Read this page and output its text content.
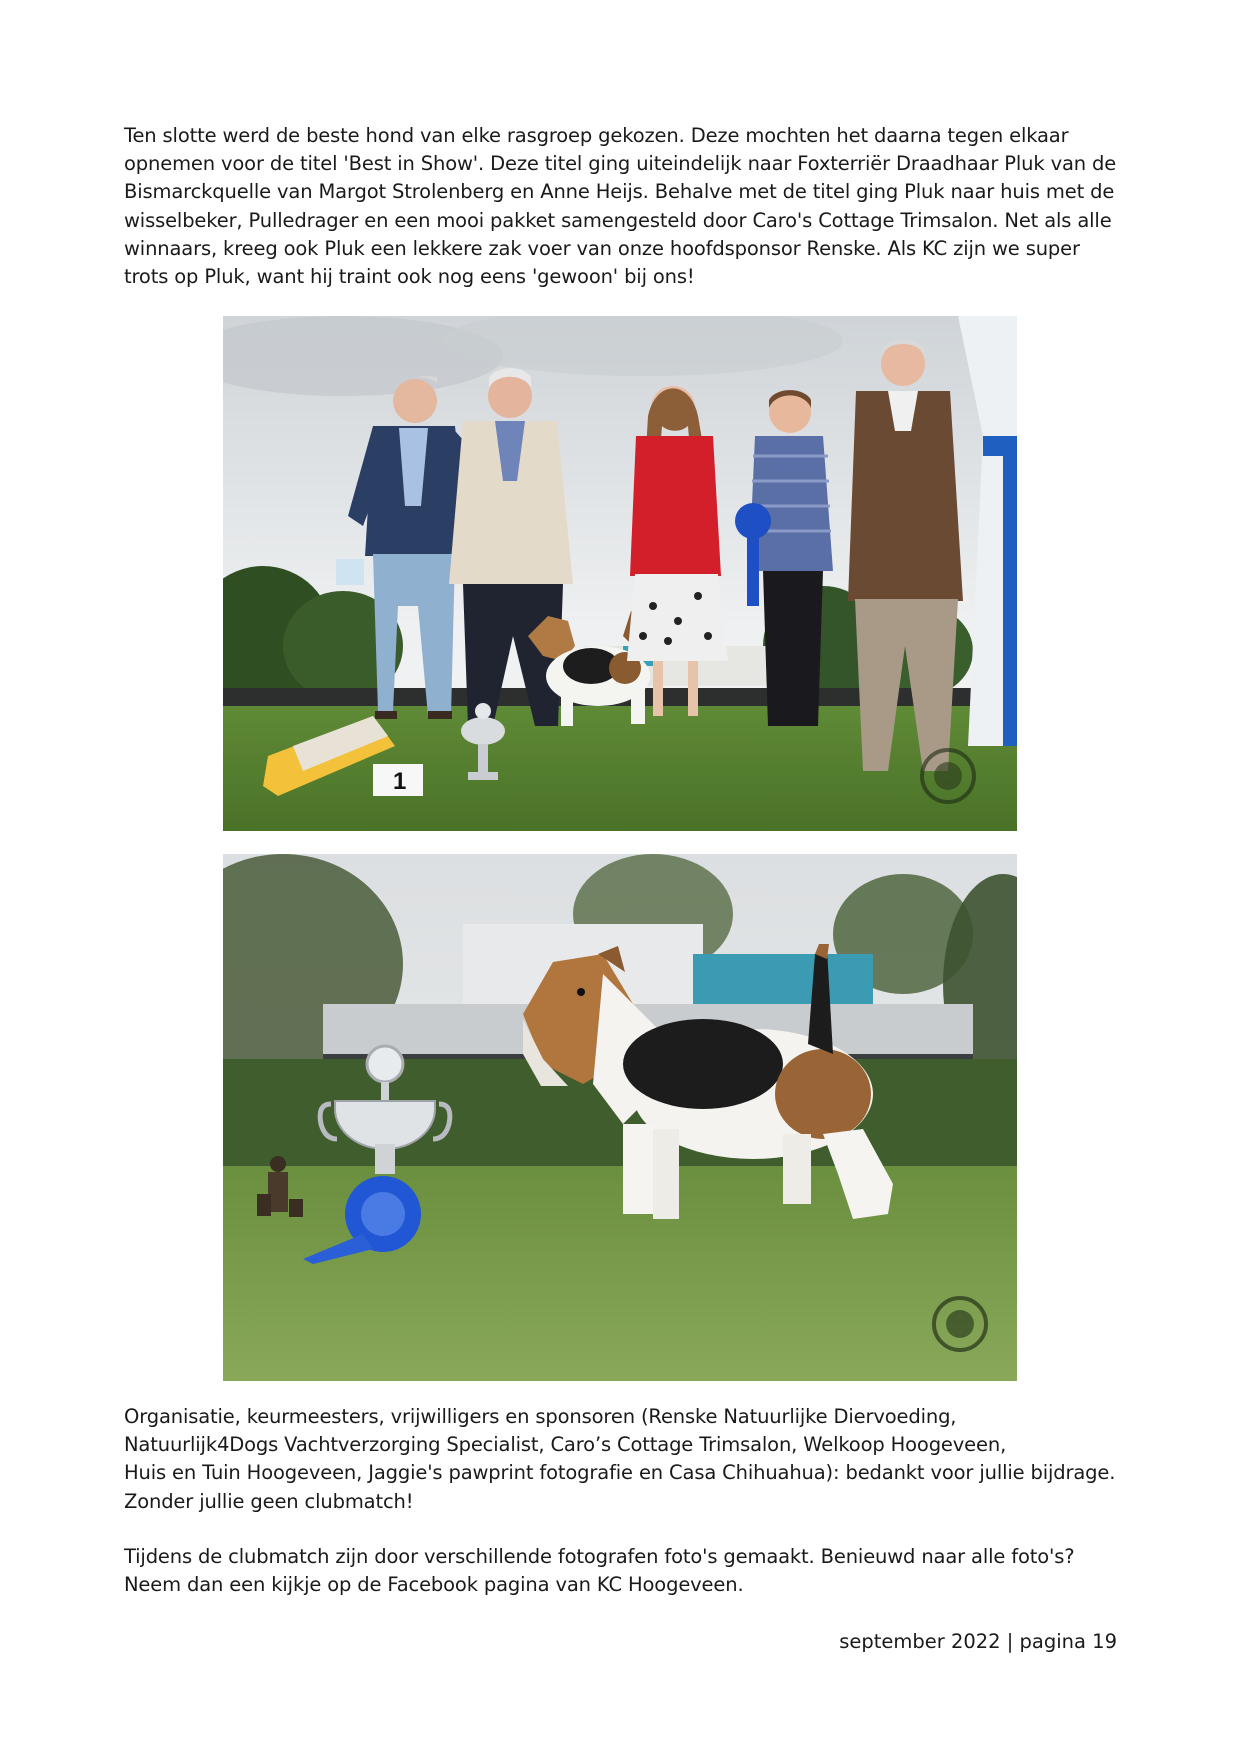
Ten slotte werd de beste hond van elke rasgroep gekozen. Deze mochten het daarna tegen elkaar
opnemen voor de titel 'Best in Show'. Deze titel ging uiteindelijk naar Foxterriër Draadhaar Pluk van de
Bismarckquelle van Margot Strolenberg en Anne Heijs. Behalve met de titel ging Pluk naar huis met de
wisselbeker, Pulledrager en een mooi pakket samengesteld door Caro's Cottage Trimsalon. Net als alle
winnaars, kreeg ook Pluk een lekkere zak voer van onze hoofdsponsor Renske. Als KC zijn we super
trots op Pluk, want hij traint ook nog eens 'gewoon' bij ons!

1

Organisatie, keurmeesters, vrijwilligers en sponsoren (Renske Natuurlijke Diervoeding,
Natuurlijk4Dogs Vachtverzorging Specialist, Caro’s Cottage Trimsalon, Welkoop Hoogeveen,
Huis en Tuin Hoogeveen, Jaggie's pawprint fotografie en Casa Chihuahua): bedankt voor jullie bijdrage.
Zonder jullie geen clubmatch!

Tijdens de clubmatch zijn door verschillende fotografen foto's gemaakt. Benieuwd naar alle foto's?
Neem dan een kijkje op de Facebook pagina van KC Hoogeveen.

september 2022 | pagina 19
